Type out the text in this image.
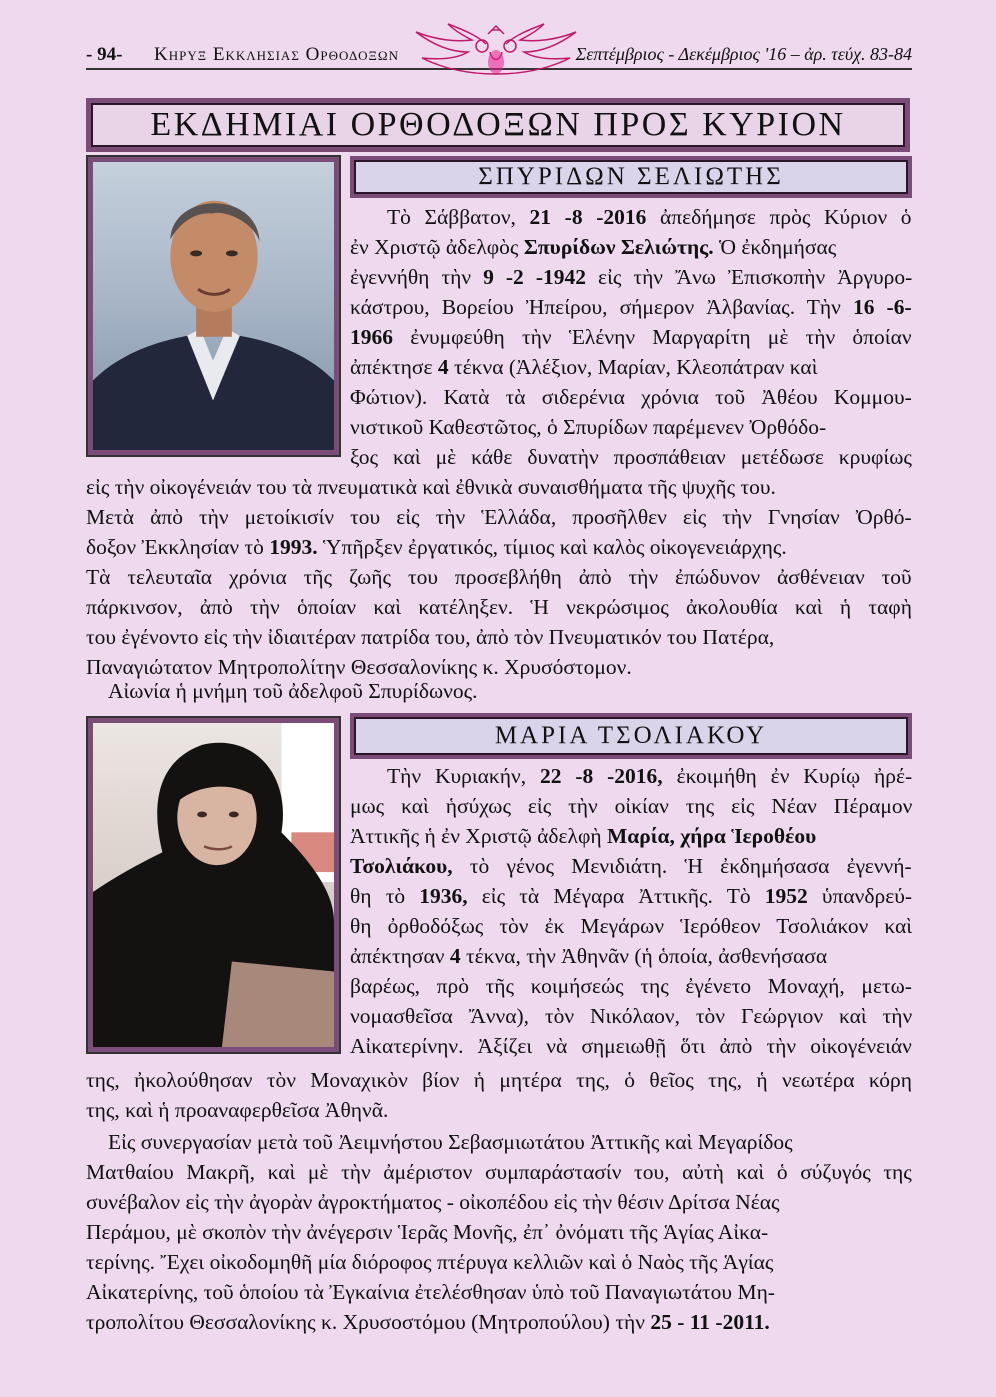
- 94- Κηρυξ Εκκλησιας Ορθοδοξων	Σεπτέμβριος - Δεκέμβριος '16 – ἀρ. τεύχ. 83-84
ΕΚΔΗΜΙΑΙ ΟΡΘΟΔΟΞΩΝ ΠΡΟΣ ΚΥΡΙΟΝ
ΣΠΥΡΙΔΩΝ ΣΕΛΙΩΤΗΣ
Τὸ Σάββατον, 21 -8 -2016 ἀπεδήμησε πρὸς Κύριον ὁ
ἐν Χριστῷ ἀδελφὸς Σπυρίδων Σελιώτης. Ὁ ἐκδημήσας
ἐγεννήθη τὴν 9 -2 -1942 εἰς τὴν Ἄνω Ἐπισκοπὴν Ἀργυρο-
κάστρου, Βορείου Ἠπείρου, σήμερον Ἀλβανίας. Τὴν 16 -6-
1966 ἐνυμφεύθη τὴν Ἑλένην Μαργαρίτη μὲ τὴν ὁποίαν
ἀπέκτησε 4 τέκνα (Ἀλέξιον, Μαρίαν, Κλεοπάτραν καὶ
Φώτιον). Κατὰ τὰ σιδερένια χρόνια τοῦ Ἀθέου Κομμου-
νιστικοῦ Καθεστῶτος, ὁ Σπυρίδων παρέμενεν Ὀρθόδο-
ξος καὶ μὲ κάθε δυνατὴν προσπάθειαν μετέδωσε κρυφίως
εἰς τὴν οἰκογένειάν του τὰ πνευματικὰ καὶ ἐθνικὰ συναισθήματα τῆς ψυχῆς του.
Μετὰ ἀπὸ τὴν μετοίκισίν του εἰς τὴν Ἑλλάδα, προσῆλθεν εἰς τὴν Γνησίαν Ὀρθό-
δοξον Ἐκκλησίαν τὸ 1993. Ὑπῆρξεν ἐργατικός, τίμιος καὶ καλὸς οἰκογενειάρχης.
Τὰ τελευταῖα χρόνια τῆς ζωῆς του προσεβλήθη ἀπὸ τὴν ἐπώδυνον ἀσθένειαν τοῦ
πάρκινσον, ἀπὸ τὴν ὁποίαν καὶ κατέληξεν. Ἡ νεκρώσιμος ἀκολουθία καὶ ἡ ταφὴ
του ἐγένοντο εἰς τὴν ἰδιαιτέραν πατρίδα του, ἀπὸ τὸν Πνευματικόν του Πατέρα,
Παναγιώτατον Μητροπολίτην Θεσσαλονίκης κ. Χρυσόστομον.
Αἰωνία ἡ μνήμη τοῦ ἀδελφοῦ Σπυρίδωνος.
ΜΑΡΙΑ ΤΣΟΛΙΑΚΟΥ
Τὴν Κυριακήν, 22 -8 -2016, ἐκοιμήθη ἐν Κυρίῳ ἠρέ-
μως καὶ ἡσύχως εἰς τὴν οἰκίαν της εἰς Νέαν Πέραμον
Ἀττικῆς ἡ ἐν Χριστῷ ἀδελφὴ Μαρία, χήρα Ἱεροθέου
Τσολιάκου, τὸ γένος Μενιδιάτη. Ἡ ἐκδημήσασα ἐγεννή-
θη τὸ 1936, εἰς τὰ Μέγαρα Ἀττικῆς. Τὸ 1952 ὑπανδρεύ-
θη ὀρθοδόξως τὸν ἐκ Μεγάρων Ἱερόθεον Τσολιάκον καὶ
ἀπέκτησαν 4 τέκνα, τὴν Ἀθηνᾶν (ἡ ὁποία, ἀσθενήσασα
βαρέως, πρὸ τῆς κοιμήσεώς της ἐγένετο Μοναχή, μετω-
νομασθεῖσα Ἄννα), τὸν Νικόλαον, τὸν Γεώργιον καὶ τὴν
Αἰκατερίνην. Ἀξίζει νὰ σημειωθῇ ὅτι ἀπὸ τὴν οἰκογένειάν
της, ἠκολούθησαν τὸν Μοναχικὸν βίον ἡ μητέρα της, ὁ θεῖος της, ἡ νεωτέρα κόρη
της, καὶ ἡ προαναφερθεῖσα Ἀθηνᾶ.
Εἰς συνεργασίαν μετὰ τοῦ Ἀειμνήστου Σεβασμιωτάτου Ἀττικῆς καὶ Μεγαρίδος
Ματθαίου Μακρῆ, καὶ μὲ τὴν ἀμέριστον συμπαράστασίν του, αὐτὴ καὶ ὁ σύζυγός της
συνέβαλον εἰς τὴν ἀγορὰν ἀγροκτήματος - οἰκοπέδου εἰς τὴν θέσιν Δρίτσα Νέας
Περάμου, μὲ σκοπὸν τὴν ἀνέγερσιν Ἱερᾶς Μονῆς, ἐπ᾽ ὀνόματι τῆς Ἁγίας Αἰκα-
τερίνης. Ἔχει οἰκοδομηθῆ μία διόροφος πτέρυγα κελλιῶν καὶ ὁ Ναὸς τῆς Ἁγίας
Αἰκατερίνης, τοῦ ὁποίου τὰ Ἐγκαίνια ἐτελέσθησαν ὑπὸ τοῦ Παναγιωτάτου Μη-
τροπολίτου Θεσσαλονίκης κ. Χρυσοστόμου (Μητροπούλου) τὴν 25 - 11 -2011.
